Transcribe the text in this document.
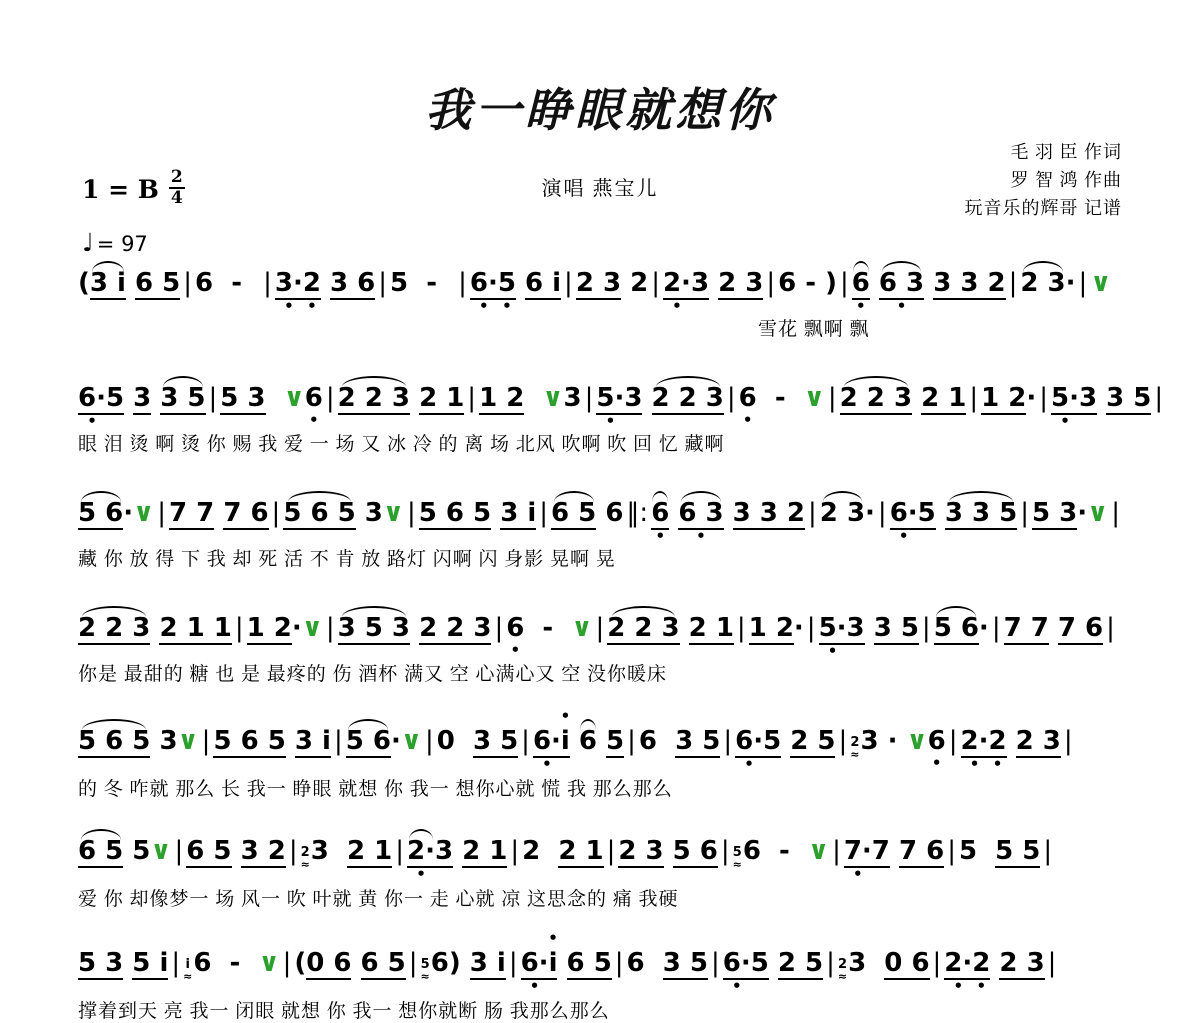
我一睁眼就想你
演唱 燕宝儿
毛 羽 臣 作词
罗 智 鸿 作曲
玩音乐的辉哥 记谱
1 = B $\frac{2}{4}$
♩ = 97
(3 i 6 5 | 6  -  | 3· •2 • 3 6 | 5  -  | 6· •5 • 6 i | 2 3 2 | 2· •3 2 3 | 6 - ) | 6 • 6 3 • 3 3 2 | 2 3· | ∨
雪花 飘啊 飘
6· •5 3 3 5 | 5 3 ∨6 • | 2 2 3 2 1 | 1 2 ∨3 | 5· •3 2 2 3 | 6 •  -  ∨ | 2 2 3 2 1 | 1 2· | 5· •3 3 5 |
眼 泪 烫 啊 烫 你 赐 我 爱 一 场 又 冰 冷 的 离 场 北风 吹啊 吹 回 忆 藏啊
5 6·∨ | 7 7 7 6 | 5 6 5 3∨ | 5 6 5 3 i | 6 5 6 ‖: 6 • 6 3 • 3 3 2 | 2 3· | 6· •5 3 3 5 | 5 3·∨ |
藏 你 放 得 下 我 却 死 活 不 肯 放 路灯 闪啊 闪 身影 晃啊 晃
2 2 3 2 1 1 | 1 2·∨ | 3 5 3 2 2 3 | 6 •  -  ∨ | 2 2 3 2 1 | 1 2· | 5· •3 3 5 | 5 6· | 7 7 7 6 |
你是 最甜的 糖 也 是 最疼的 伤 酒杯 满又 空 心满心又 空 没你暖床
5 6 5 3∨ | 5 6 5 3 i | 5 6·∨ | 0  3 5 | 6· •• i 6 5 | 6  3 5 | 6· •5 2 5 | 2
≈ 3 · ∨6 • | 2· •2 • 2 3 |
的 冬 咋就 那么 长 我一 睁眼 就想 你 我一 想你心就 慌 我 那么那么
6 5 5∨ | 6 5 3 2 | 2
≈ 3  2 1 | 2· •3 2 1 | 2  2 1 | 2 3 5 6 | 5
≈ 6  -  ∨ | 7· •7 7 6 | 5  5 5 |
爱 你 却像梦一 场 风一 吹 叶就 黄 你一 走 心就 凉 这思念的 痛 我硬
5 3 5 i | i
≈ 6  -  ∨ | (0 6 6 5 | 5
≈ 6) 3 i | 6· •• i 6 5 | 6  3 5 | 6· •5 2 5 | 2
≈ 3  0 6 | 2· •2 • 2 3 |
撑着到天 亮 我一 闭眼 就想 你 我一 想你就断 肠 我那么那么
